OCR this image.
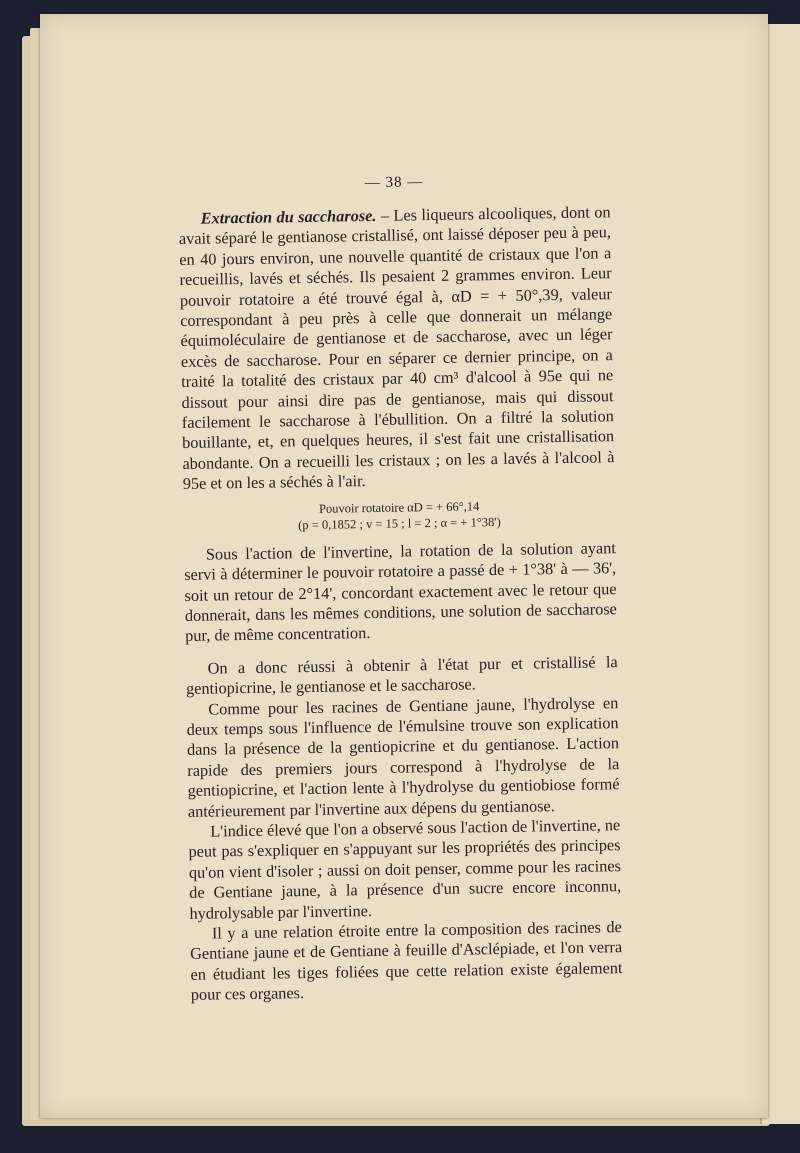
— 38 —

Extraction du saccharose. – Les liqueurs alcooliques, dont on avait séparé le gentianose cristallisé, ont laissé déposer peu à peu, en 40 jours environ, une nouvelle quantité de cristaux que l'on a recueillis, lavés et séchés. Ils pesaient 2 grammes environ. Leur pouvoir rotatoire a été trouvé égal à, αD = + 50°,39, valeur correspondant à peu près à celle que donnerait un mélange équimoléculaire de gentianose et de saccharose, avec un léger excès de saccharose. Pour en séparer ce dernier principe, on a traité la totalité des cristaux par 40 cm³ d'alcool à 95e qui ne dissout pour ainsi dire pas de gentianose, mais qui dissout facilement le saccharose à l'ébullition. On a filtré la solution bouillante, et, en quelques heures, il s'est fait une cristallisation abondante. On a recueilli les cristaux ; on les a lavés à l'alcool à 95e et on les a séchés à l'air.

Pouvoir rotatoire αD = + 66°,14
(p = 0,1852 ; v = 15 ; l = 2 ; α = + 1°38')

Sous l'action de l'invertine, la rotation de la solution ayant servi à déterminer le pouvoir rotatoire a passé de + 1°38' à — 36', soit un retour de 2°14', concordant exactement avec le retour que donnerait, dans les mêmes conditions, une solution de saccharose pur, de même concentration.

On a donc réussi à obtenir à l'état pur et cristallisé la gentiopicrine, le gentianose et le saccharose.

Comme pour les racines de Gentiane jaune, l'hydrolyse en deux temps sous l'influence de l'émulsine trouve son explication dans la présence de la gentiopicrine et du gentianose. L'action rapide des premiers jours correspond à l'hydrolyse de la gentiopicrine, et l'action lente à l'hydrolyse du gentiobiose formé antérieurement par l'invertine aux dépens du gentianose.

L'indice élevé que l'on a observé sous l'action de l'invertine, ne peut pas s'expliquer en s'appuyant sur les propriétés des principes qu'on vient d'isoler ; aussi on doit penser, comme pour les racines de Gentiane jaune, à la présence d'un sucre encore inconnu, hydrolysable par l'invertine.

Il y a une relation étroite entre la composition des racines de Gentiane jaune et de Gentiane à feuille d'Asclépiade, et l'on verra en étudiant les tiges foliées que cette relation existe également pour ces organes.
